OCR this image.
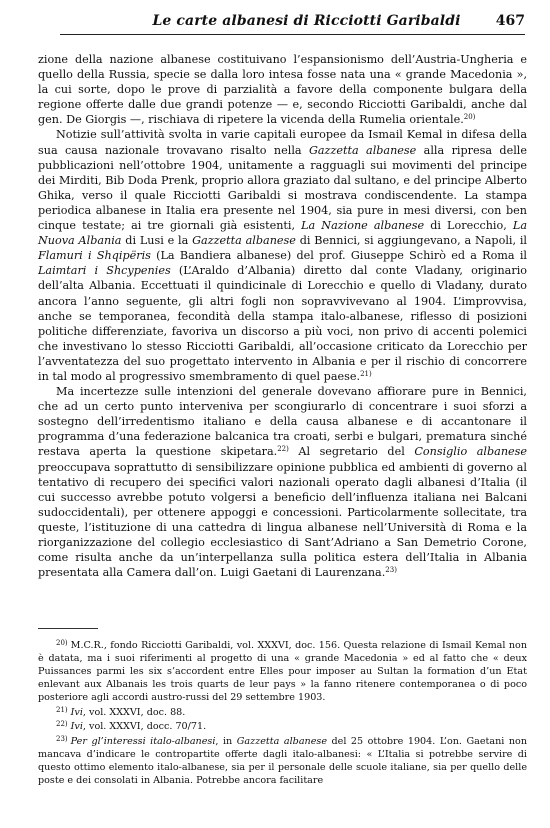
Le carte albanesi di Ricciotti Garibaldi	467

zione della nazione albanese costituivano l’espansionismo dell’Austria-Ungheria e quello della Russia, specie se dalla loro intesa fosse nata una « grande Macedonia », la cui sorte, dopo le prove di parzialità a favore della componente bulgara della regione offerte dalle due grandi potenze — e, secondo Ricciotti Garibaldi, anche dal gen. De Giorgis —, rischiava di ripetere la vicenda della Rumelia orientale.$^{20)}$

Notizie sull’attività svolta in varie capitali europee da Ismail Kemal in difesa della sua causa nazionale trovavano risalto nella Gazzetta albanese alla ripresa delle pubblicazioni nell’ottobre 1904, unitamente a ragguagli sui movimenti del principe dei Mirditi, Bib Doda Prenk, proprio allora graziato dal sultano, e del principe Alberto Ghika, verso il quale Ricciotti Garibaldi si mostrava condiscendente. La stampa periodica albanese in Italia era presente nel 1904, sia pure in mesi diversi, con ben cinque testate; ai tre giornali già esistenti, La Nazione albanese di Lorecchio, La Nuova Albania di Lusi e la Gazzetta albanese di Bennici, si aggiungevano, a Napoli, il Flamuri i Shqipëris (La Bandiera albanese) del prof. Giuseppe Schirò ed a Roma il Laimtari i Shcypenies (L’Araldo d’Albania) diretto dal conte Vladany, originario dell’alta Albania. Eccettuati il quindicinale di Lorecchio e quello di Vladany, durato ancora l’anno seguente, gli altri fogli non sopravvivevano al 1904. L’improvvisa, anche se temporanea, fecondità della stampa italo-albanese, riflesso di posizioni politiche differenziate, favoriva un discorso a più voci, non privo di accenti polemici che investivano lo stesso Ricciotti Garibaldi, all’occasione criticato da Lorecchio per l’avventatezza del suo progettato intervento in Albania e per il rischio di concorrere in tal modo al progressivo smembramento di quel paese.$^{21)}$

Ma incertezze sulle intenzioni del generale dovevano affiorare pure in Bennici, che ad un certo punto interveniva per scongiurarlo di concentrare i suoi sforzi a sostegno dell’irredentismo italiano e della causa albanese e di accantonare il programma d’una federazione balcanica tra croati, serbi e bulgari, prematura sinché restava aperta la questione skipetara.$^{22)}$ Al segretario del Consiglio albanese preoccupava soprattutto di sensibilizzare opinione pubblica ed ambienti di governo al tentativo di recupero dei specifici valori nazionali operato dagli albanesi d’Italia (il cui successo avrebbe potuto volgersi a beneficio dell’influenza italiana nei Balcani sudoccidentali), per ottenere appoggi e concessioni. Particolarmente sollecitate, tra queste, l’istituzione di una cattedra di lingua albanese nell’Università di Roma e la riorganizzazione del collegio ecclesiastico di Sant’Adriano a San Demetrio Corone, come risulta anche da un’interpellanza sulla politica estera dell’Italia in Albania presentata alla Camera dall’on. Luigi Gaetani di Laurenzana.$^{23)}$

$^{20)}$ M.C.R., fondo Ricciotti Garibaldi, vol. XXXVI, doc. 156. Questa relazione di Ismail Kemal non è datata, ma i suoi riferimenti al progetto di una « grande Macedonia » ed al fatto che « deux Puissances parmi les six s’accordent entre Elles pour imposer au Sultan la formation d’un Etat enlevant aux Albanais les trois quarts de leur pays » la fanno ritenere contemporanea o di poco posteriore agli accordi austro-russi del 29 settembre 1903.

$^{21)}$ Ivi, vol. XXXVI, doc. 88.

$^{22)}$ Ivi, vol. XXXVI, docc. 70/71.

$^{23)}$ Per gl’interessi italo-albanesi, in Gazzetta albanese del 25 ottobre 1904. L’on. Gaetani non mancava d’indicare le contropartite offerte dagli italo-albanesi: « L’Italia si potrebbe servire di questo ottimo elemento italo-albanese, sia per il personale delle scuole italiane, sia per quello delle poste e dei consolati in Albania. Potrebbe ancora facilitare
